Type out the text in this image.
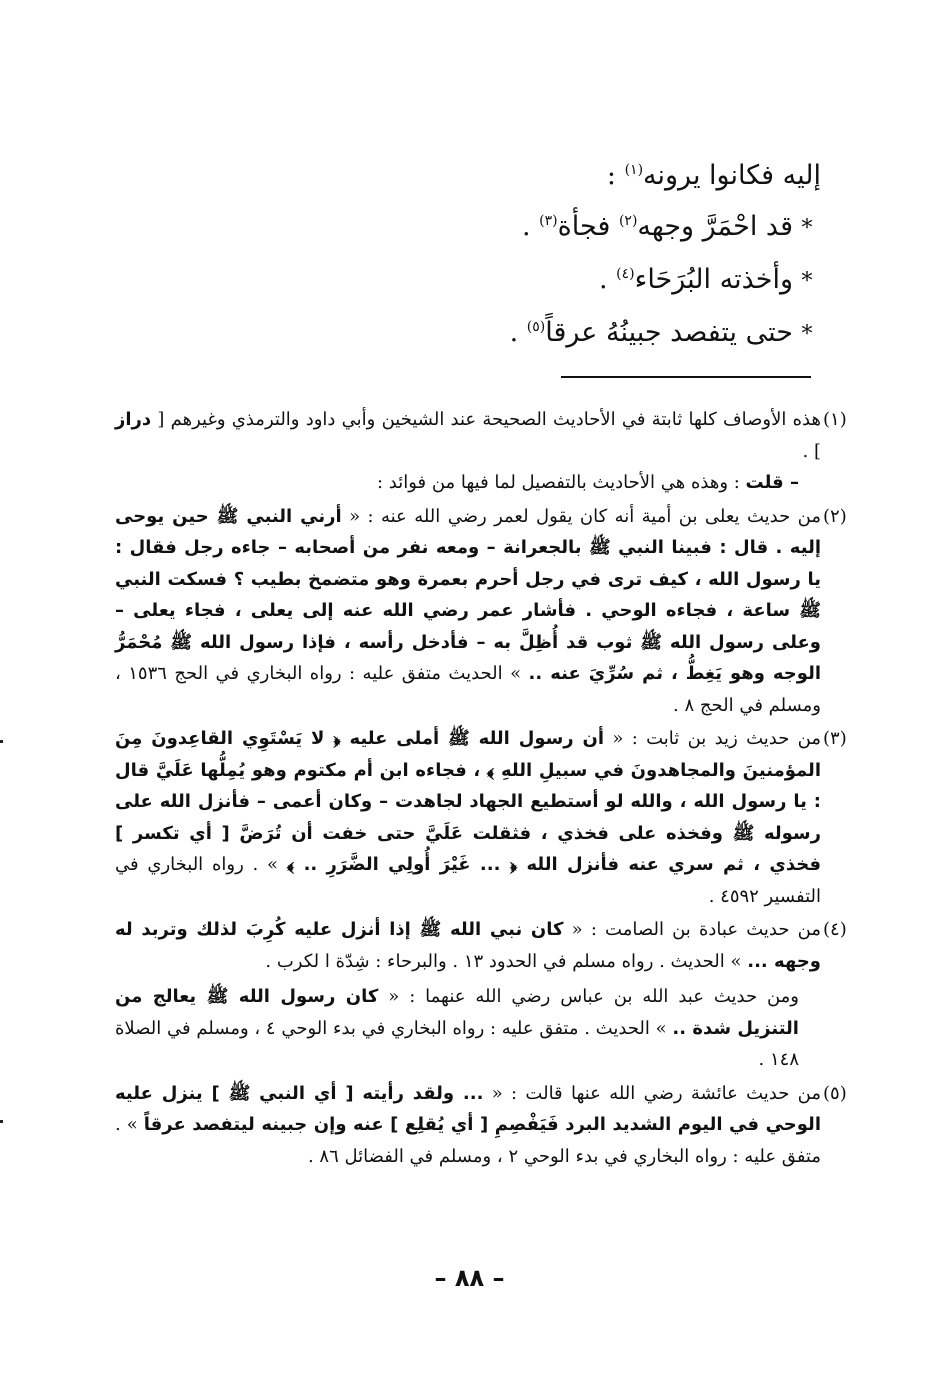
إليه فكانوا يرونه$^{(١)}$ :
*قد احْمَرَّ وجهه$^{(٢)}$ فجأة$^{(٣)}$ .
*وأخذته البُرَحَاء$^{(٤)}$ .
*حتى يتفصد جبينُهُ عرقاً$^{(٥)}$ .
(١)
هذه الأوصاف كلها ثابتة في الأحاديث الصحيحة عند الشيخين وأبي داود والترمذي وغيرهم [ دراز ] .
– قلت : وهذه هي الأحاديث بالتفصيل لما فيها من فوائد :
(٢)
من حديث يعلى بن أمية أنه كان يقول لعمر رضي الله عنه : « أرني النبي ﷺ حين يوحى إليه . قال : فبينا النبي ﷺ بالجعرانة – ومعه نفر من أصحابه – جاءه رجل فقال : يا رسول الله ، كيف ترى في رجل أحرم بعمرة وهو متضمخ بطيب ؟ فسكت النبي ﷺ ساعة ، فجاءه الوحي . فأشار عمر رضي الله عنه إلى يعلى ، فجاء يعلى – وعلى رسول الله ﷺ ثوب قد أُظِلَّ به – فأدخل رأسه ، فإذا رسول الله ﷺ مُحْمَرُّ الوجه وهو يَغِطُّ ، ثم سُرِّيَ عنه .. » الحديث متفق عليه : رواه البخاري في الحج ١٥٣٦ ، ومسلم في الحج ٨ .
(٣)
من حديث زيد بن ثابت : « أن رسول الله ﷺ أملى عليه ﴿ لا يَسْتَوِي القاعِدونَ مِنَ المؤمنينَ والمجاهدونَ في سبيلِ اللهِ ﴾ ، فجاءه ابن أم مكتوم وهو يُمِلُّها عَلَيَّ قال : يا رسول الله ، والله لو أستطيع الجهاد لجاهدت – وكان أعمى – فأنزل الله على رسوله ﷺ وفخذه على فخذي ، فثقلت عَلَيَّ حتى خفت أن تُرَضَّ [ أي تكسر ] فخذي ، ثم سري عنه فأنزل الله ﴿ ... غَيْرَ أُولِي الضَّرَرِ .. ﴾ » . رواه البخاري في التفسير ٤٥٩٢ .
(٤)
من حديث عبادة بن الصامت : « كان نبي الله ﷺ إذا أنزل عليه كُرِبَ لذلك وتربد له وجهه ... » الحديث . رواه مسلم في الحدود ١٣ . والبرحاء : شِدّة ا لكرب .
ومن حديث عبد الله بن عباس رضي الله عنهما : « كان رسول الله ﷺ يعالج من التنزيل شدة .. » الحديث . متفق عليه : رواه البخاري في بدء الوحي ٤ ، ومسلم في الصلاة ١٤٨ .
(٥)
من حديث عائشة رضي الله عنها قالت : « ... ولقد رأيته [ أي النبي ﷺ ] ينزل عليه الوحي في اليوم الشديد البرد فَيَفْصِمِ [ أي يُقلِع ] عنه وإن جبينه ليتفصد عرقاً » . متفق عليه : رواه البخاري في بدء الوحي ٢ ، ومسلم في الفضائل ٨٦ .
– ٨٨ –
